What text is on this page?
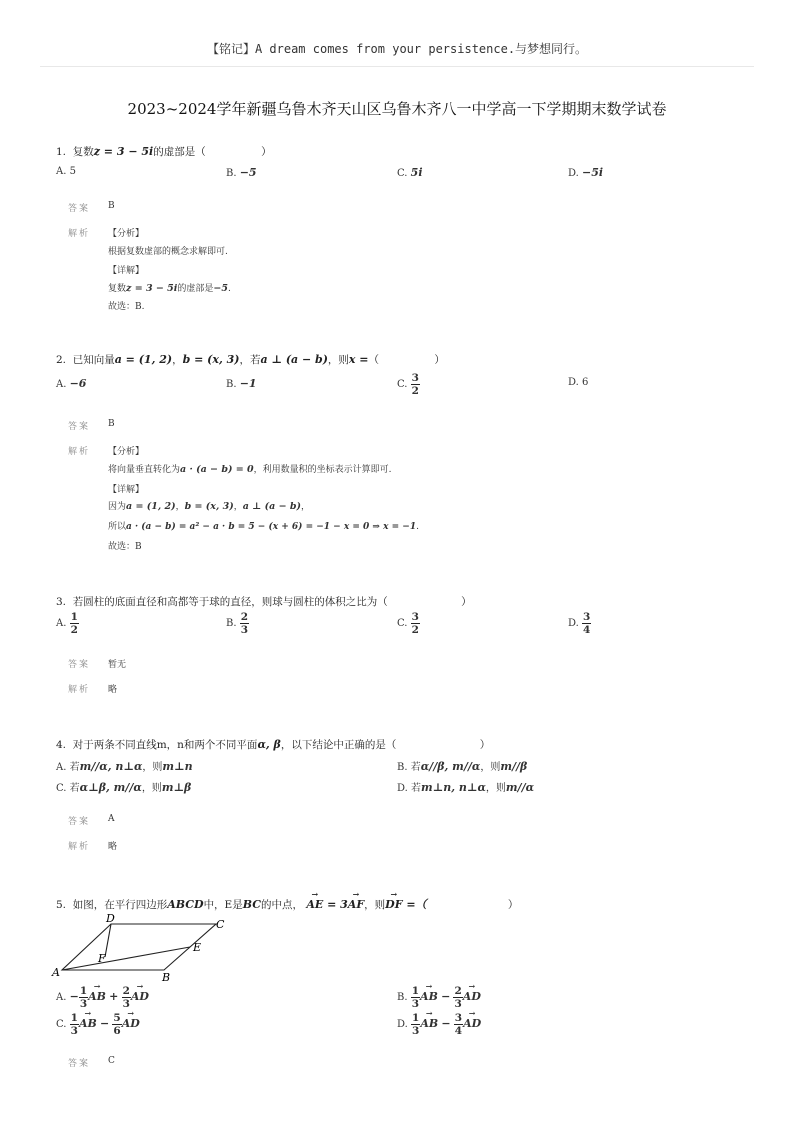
【铭记】A dream comes from your persistence.与梦想同行。
2023~2024学年新疆乌鲁木齐天山区乌鲁木齐八一中学高一下学期期末数学试卷
1. 复数z = 3 − 5i的虚部是（	）
A. 5	B. −5	C. 5i	D. −5i
答案 B
解析 【分析】
根据复数虚部的概念求解即可.
【详解】
复数z = 3 − 5i的虚部是−5.
故选：B.
2. 已知向量a = (1, 2)，b = (x, 3)，若a ⊥ (a − b)，则x =（	）
A. −6	B. −1	C. $\frac{3}{2}$	D. 6
答案 B
解析 【分析】
将向量垂直转化为a · (a − b) = 0，利用数量积的坐标表示计算即可.
【详解】
因为a = (1, 2)，b = (x, 3)，a ⊥ (a − b)，
所以a · (a − b) = a² − a · b = 5 − (x + 6) = −1 − x = 0 ⇒ x = −1.
故选：B
3. 若圆柱的底面直径和高都等于球的直径，则球与圆柱的体积之比为（	）
A. $\frac{1}{2}$	B. $\frac{2}{3}$	C. $\frac{3}{2}$	D. $\frac{3}{4}$
答案 暂无
解析 略
4. 对于两条不同直线m，n和两个不同平面α, β，以下结论中正确的是（	）
A. 若m//α, n⊥α，则m⊥n	B. 若α//β, m//α，则m//β
C. 若α⊥β, m//α，则m⊥β	D. 若m⊥n, n⊥α，则m//α
答案 A
解析 略
5. 如图，在平行四边形ABCD中，E是BC的中点， → AE = 3→ AF，则→ DF =（	）
D	C
F
E
A	B
A. − $\frac{1}{3}$ → AB + $\frac{2}{3}$ → AD	B. $\frac{1}{3}$ → AB − $\frac{2}{3}$ → AD
C. $\frac{1}{3}$ → AB − $\frac{5}{6}$ → AD	D. $\frac{1}{3}$ → AB − $\frac{3}{4}$ → AD
答案 C
